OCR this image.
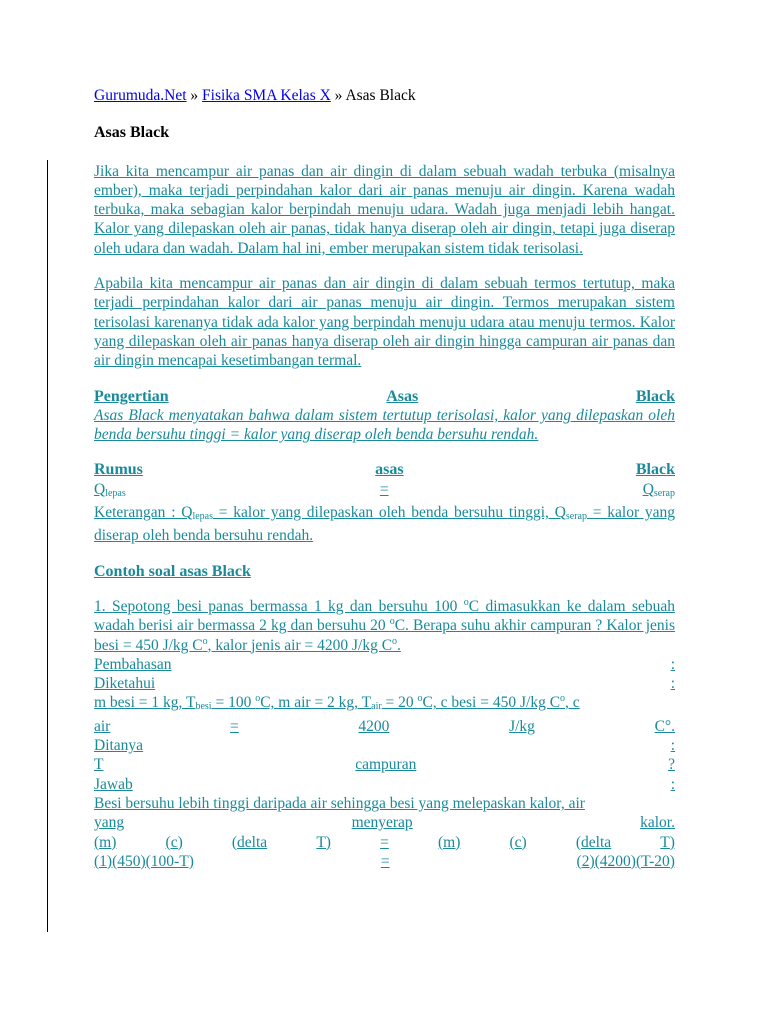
Gurumuda.Net » Fisika SMA Kelas X » Asas Black

Asas Black

Jika kita mencampur air panas dan air dingin di dalam sebuah wadah terbuka (misalnya ember), maka terjadi perpindahan kalor dari air panas menuju air dingin. Karena wadah terbuka, maka sebagian kalor berpindah menuju udara. Wadah juga menjadi lebih hangat. Kalor yang dilepaskan oleh air panas, tidak hanya diserap oleh air dingin, tetapi juga diserap oleh udara dan wadah. Dalam hal ini, ember merupakan sistem tidak terisolasi.

Apabila kita mencampur air panas dan air dingin di dalam sebuah termos tertutup, maka terjadi perpindahan kalor dari air panas menuju air dingin. Termos merupakan sistem terisolasi karenanya tidak ada kalor yang berpindah menuju udara atau menuju termos. Kalor yang dilepaskan oleh air panas hanya diserap oleh air dingin hingga campuran air panas dan air dingin mencapai kesetimbangan termal.

Pengertian	Asas	Black

Asas Black menyatakan bahwa dalam sistem tertutup terisolasi, kalor yang dilepaskan oleh benda bersuhu tinggi = kalor yang diserap oleh benda bersuhu rendah.

Rumus	asas	Black

$Q_{lepas}$	=	$Q_{serap}$

Keterangan : $Q_{lepas}$ = kalor yang dilepaskan oleh benda bersuhu tinggi, $Q_{serap}$ = kalor yang diserap oleh benda bersuhu rendah.

Contoh soal asas Black

1. Sepotong besi panas bermassa 1 kg dan bersuhu 100 $^o$C dimasukkan ke dalam sebuah wadah berisi air bermassa 2 kg dan bersuhu 20 $^o$C. Berapa suhu akhir campuran ? Kalor jenis besi = 450 J/kg $C^o$, kalor jenis air = 4200 J/kg $C^o$.

Pembahasan	:

Diketahui	:

m besi = 1 kg, $T_{besi} = 100$ $^o$C, m air = 2 kg, $T_{air} = 20$ $^o$C, c besi = 450 J/kg $C^o$, c

air	=	4200	J/kg	C°.

Ditanya	:

T	campuran	?

Jawab	:

Besi bersuhu lebih tinggi daripada air sehingga besi yang melepaskan kalor, air

yang	menyerap	kalor.

(m)	(c)	(delta	T)	=	(m)	(c)	(delta	T)

(1)(450)(100-T)	=	(2)(4200)(T-20)
